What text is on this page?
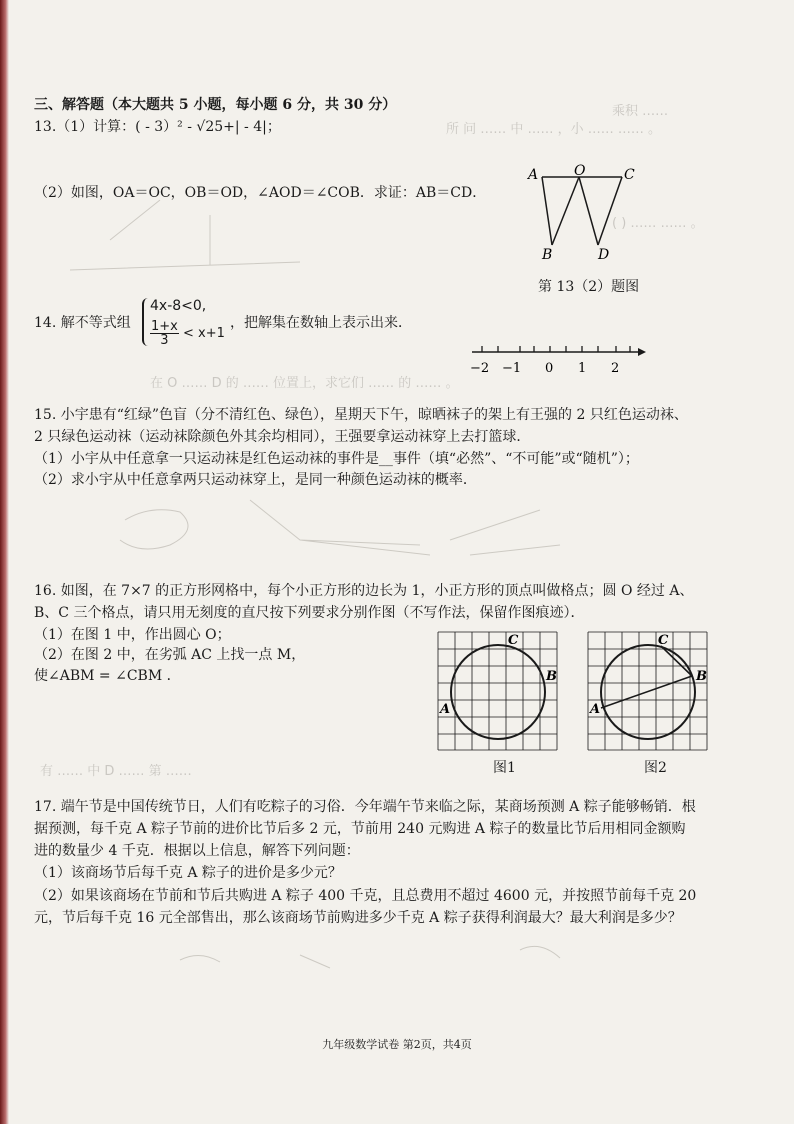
乘积 ……
所 问 …… 中 …… ，小 …… …… 。
( ) …… …… 。
在 O …… D 的 …… 位置上，求它们 …… 的 …… 。
有 …… 中 D …… 第 ……
三、解答题（本大题共 5 小题，每小题 6 分，共 30 分）
13.（1）计算：( - 3）² - √25+| - 4|；
（2）如图，OA＝OC，OB＝OD，∠AOD＝∠COB．求证：AB＝CD．
A	O	C
B	D
第 13（2）题图
14. 解不等式组
4x-8<0,
$\frac{1+x}{3} < x+1$
，把解集在数轴上表示出来．
−2 −1 0 1 2
15. 小宇患有“红绿”色盲（分不清红色、绿色），星期天下午，晾晒袜子的架上有王强的 2 只红色运动袜、
2 只绿色运动袜（运动袜除颜色外其余均相同），王强要拿运动袜穿上去打篮球．
（1）小宇从中任意拿一只运动袜是红色运动袜的事件是__事件（填“必然”、“不可能”或“随机”）；
（2）求小宇从中任意拿两只运动袜穿上，是同一种颜色运动袜的概率．
16. 如图，在 7×7 的正方形网格中，每个小正方形的边长为 1，小正方形的顶点叫做格点；圆 O 经过 A、
B、C 三个格点，请只用无刻度的直尺按下列要求分别作图（不写作法，保留作图痕迹）．
（1）在图 1 中，作出圆心 O；
（2）在图 2 中，在劣弧 AC 上找一点 M，
使∠ABM = ∠CBM ．
C
B
A
图1
C
B
A
图2
17. 端午节是中国传统节日，人们有吃粽子的习俗．今年端午节来临之际，某商场预测 A 粽子能够畅销．根
据预测，每千克 A 粽子节前的进价比节后多 2 元，节前用 240 元购进 A 粽子的数量比节后用相同金额购
进的数量少 4 千克．根据以上信息，解答下列问题：
（1）该商场节后每千克 A 粽子的进价是多少元？
（2）如果该商场在节前和节后共购进 A 粽子 400 千克，且总费用不超过 4600 元，并按照节前每千克 20
元，节后每千克 16 元全部售出，那么该商场节前购进多少千克 A 粽子获得利润最大？最大利润是多少？
九年级数学试卷 第2页，共4页
